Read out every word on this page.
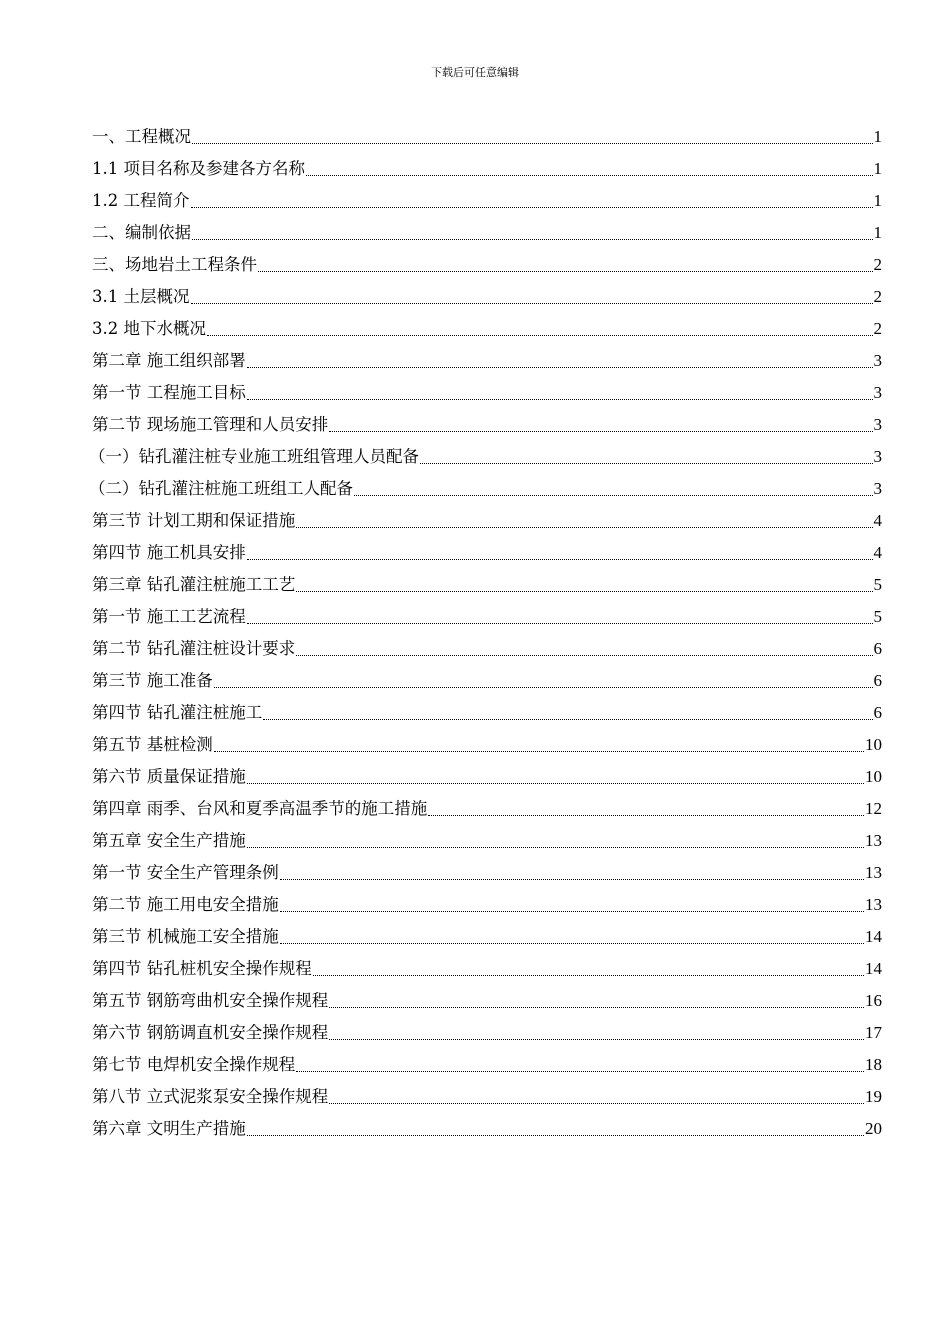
下载后可任意编辑
一、工程概况	1
1.1 项目名称及参建各方名称	1
1.2 工程简介	1
二、编制依据	1
三、场地岩土工程条件	2
3.1 土层概况	2
3.2 地下水概况	2
第二章 施工组织部署	3
第一节 工程施工目标	3
第二节 现场施工管理和人员安排	3
（一）钻孔灌注桩专业施工班组管理人员配备	3
（二）钻孔灌注桩施工班组工人配备	3
第三节 计划工期和保证措施	4
第四节 施工机具安排	4
第三章 钻孔灌注桩施工工艺	5
第一节 施工工艺流程	5
第二节 钻孔灌注桩设计要求	6
第三节 施工准备	6
第四节 钻孔灌注桩施工	6
第五节 基桩检测	10
第六节 质量保证措施	10
第四章 雨季、台风和夏季高温季节的施工措施	12
第五章 安全生产措施	13
第一节 安全生产管理条例	13
第二节 施工用电安全措施	13
第三节 机械施工安全措施	14
第四节 钻孔桩机安全操作规程	14
第五节 钢筋弯曲机安全操作规程	16
第六节 钢筋调直机安全操作规程	17
第七节 电焊机安全操作规程	18
第八节 立式泥浆泵安全操作规程	19
第六章 文明生产措施	20
